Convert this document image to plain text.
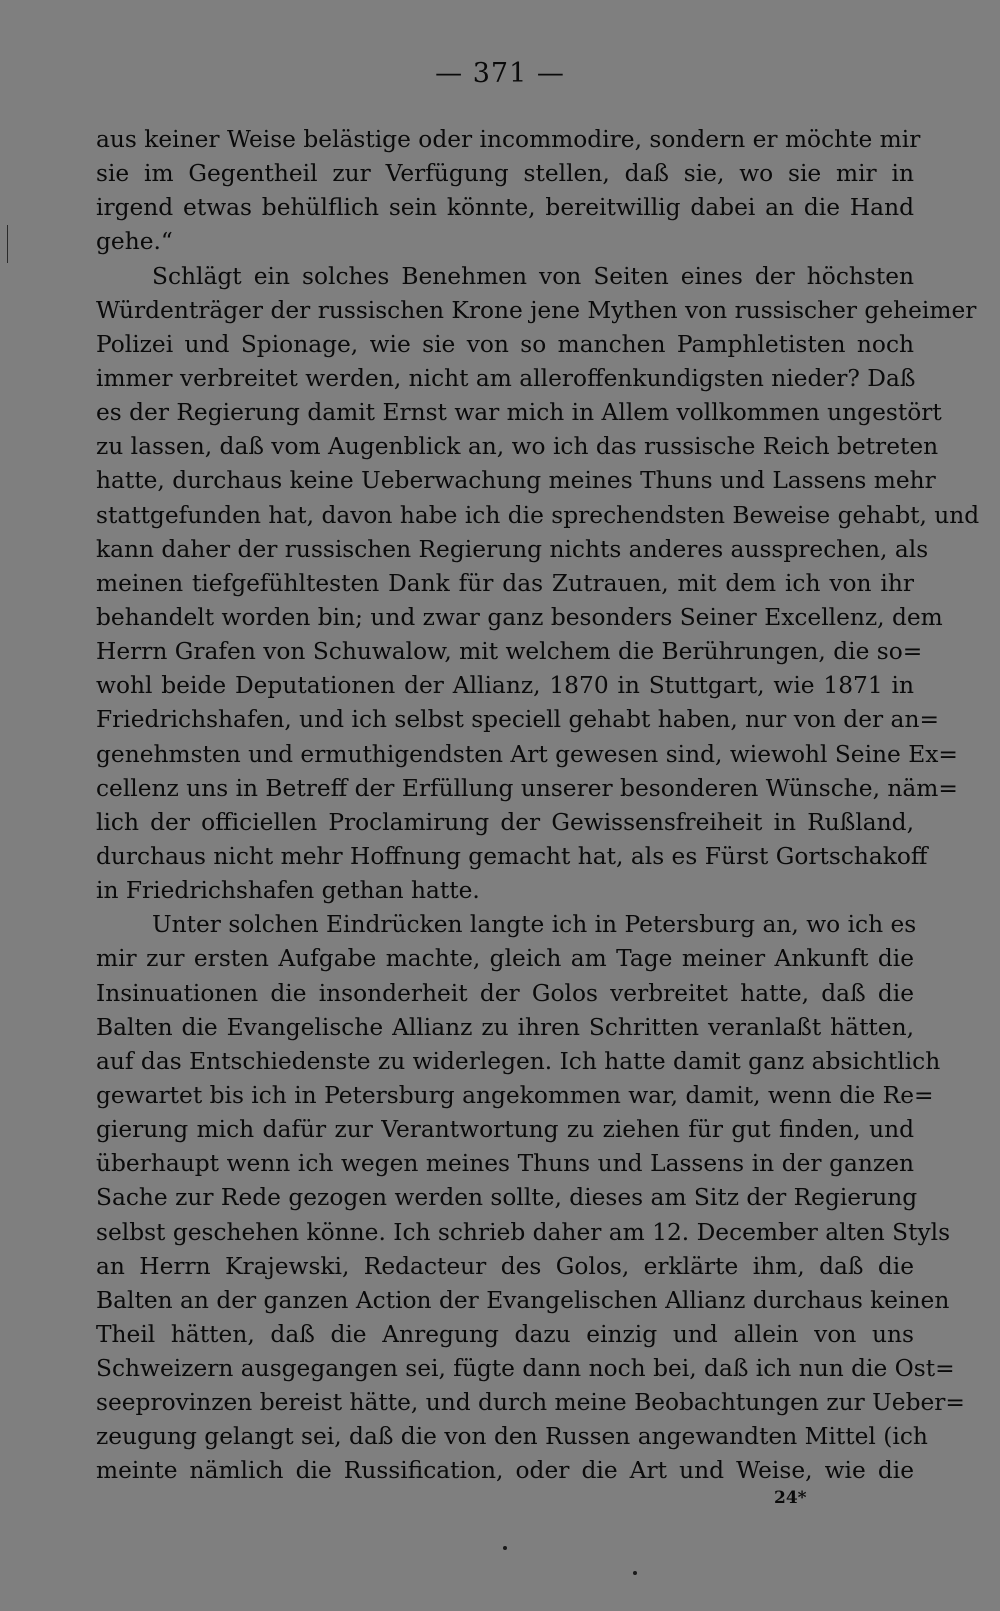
— 371 —
aus keiner Weise belästige oder incommodire, sondern er möchte mir
sie im Gegentheil zur Verfügung stellen, daß sie, wo sie mir in
irgend etwas behülflich sein könnte, bereitwillig dabei an die Hand
gehe.“
Schlägt ein solches Benehmen von Seiten eines der höchsten
Würdenträger der russischen Krone jene Mythen von russischer geheimer
Polizei und Spionage, wie sie von so manchen Pamphletisten noch
immer verbreitet werden, nicht am alleroffenkundigsten nieder? Daß
es der Regierung damit Ernst war mich in Allem vollkommen ungestört
zu lassen, daß vom Augenblick an, wo ich das russische Reich betreten
hatte, durchaus keine Ueberwachung meines Thuns und Lassens mehr
stattgefunden hat, davon habe ich die sprechendsten Beweise gehabt, und
kann daher der russischen Regierung nichts anderes aussprechen, als
meinen tiefgefühltesten Dank für das Zutrauen, mit dem ich von ihr
behandelt worden bin; und zwar ganz besonders Seiner Excellenz, dem
Herrn Grafen von Schuwalow, mit welchem die Berührungen, die so=
wohl beide Deputationen der Allianz, 1870 in Stuttgart, wie 1871 in
Friedrichshafen, und ich selbst speciell gehabt haben, nur von der an=
genehmsten und ermuthigendsten Art gewesen sind, wiewohl Seine Ex=
cellenz uns in Betreff der Erfüllung unserer besonderen Wünsche, näm=
lich der officiellen Proclamirung der Gewissensfreiheit in Rußland,
durchaus nicht mehr Hoffnung gemacht hat, als es Fürst Gortschakoff
in Friedrichshafen gethan hatte.
Unter solchen Eindrücken langte ich in Petersburg an, wo ich es
mir zur ersten Aufgabe machte, gleich am Tage meiner Ankunft die
Insinuationen die insonderheit der Golos verbreitet hatte, daß die
Balten die Evangelische Allianz zu ihren Schritten veranlaßt hätten,
auf das Entschiedenste zu widerlegen. Ich hatte damit ganz absichtlich
gewartet bis ich in Petersburg angekommen war, damit, wenn die Re=
gierung mich dafür zur Verantwortung zu ziehen für gut finden, und
überhaupt wenn ich wegen meines Thuns und Lassens in der ganzen
Sache zur Rede gezogen werden sollte, dieses am Sitz der Regierung
selbst geschehen könne. Ich schrieb daher am 12. December alten Styls
an Herrn Krajewski, Redacteur des Golos, erklärte ihm, daß die
Balten an der ganzen Action der Evangelischen Allianz durchaus keinen
Theil hätten, daß die Anregung dazu einzig und allein von uns
Schweizern ausgegangen sei, fügte dann noch bei, daß ich nun die Ost=
seeprovinzen bereist hätte, und durch meine Beobachtungen zur Ueber=
zeugung gelangt sei, daß die von den Russen angewandten Mittel (ich
meinte nämlich die Russification, oder die Art und Weise, wie die
24*
